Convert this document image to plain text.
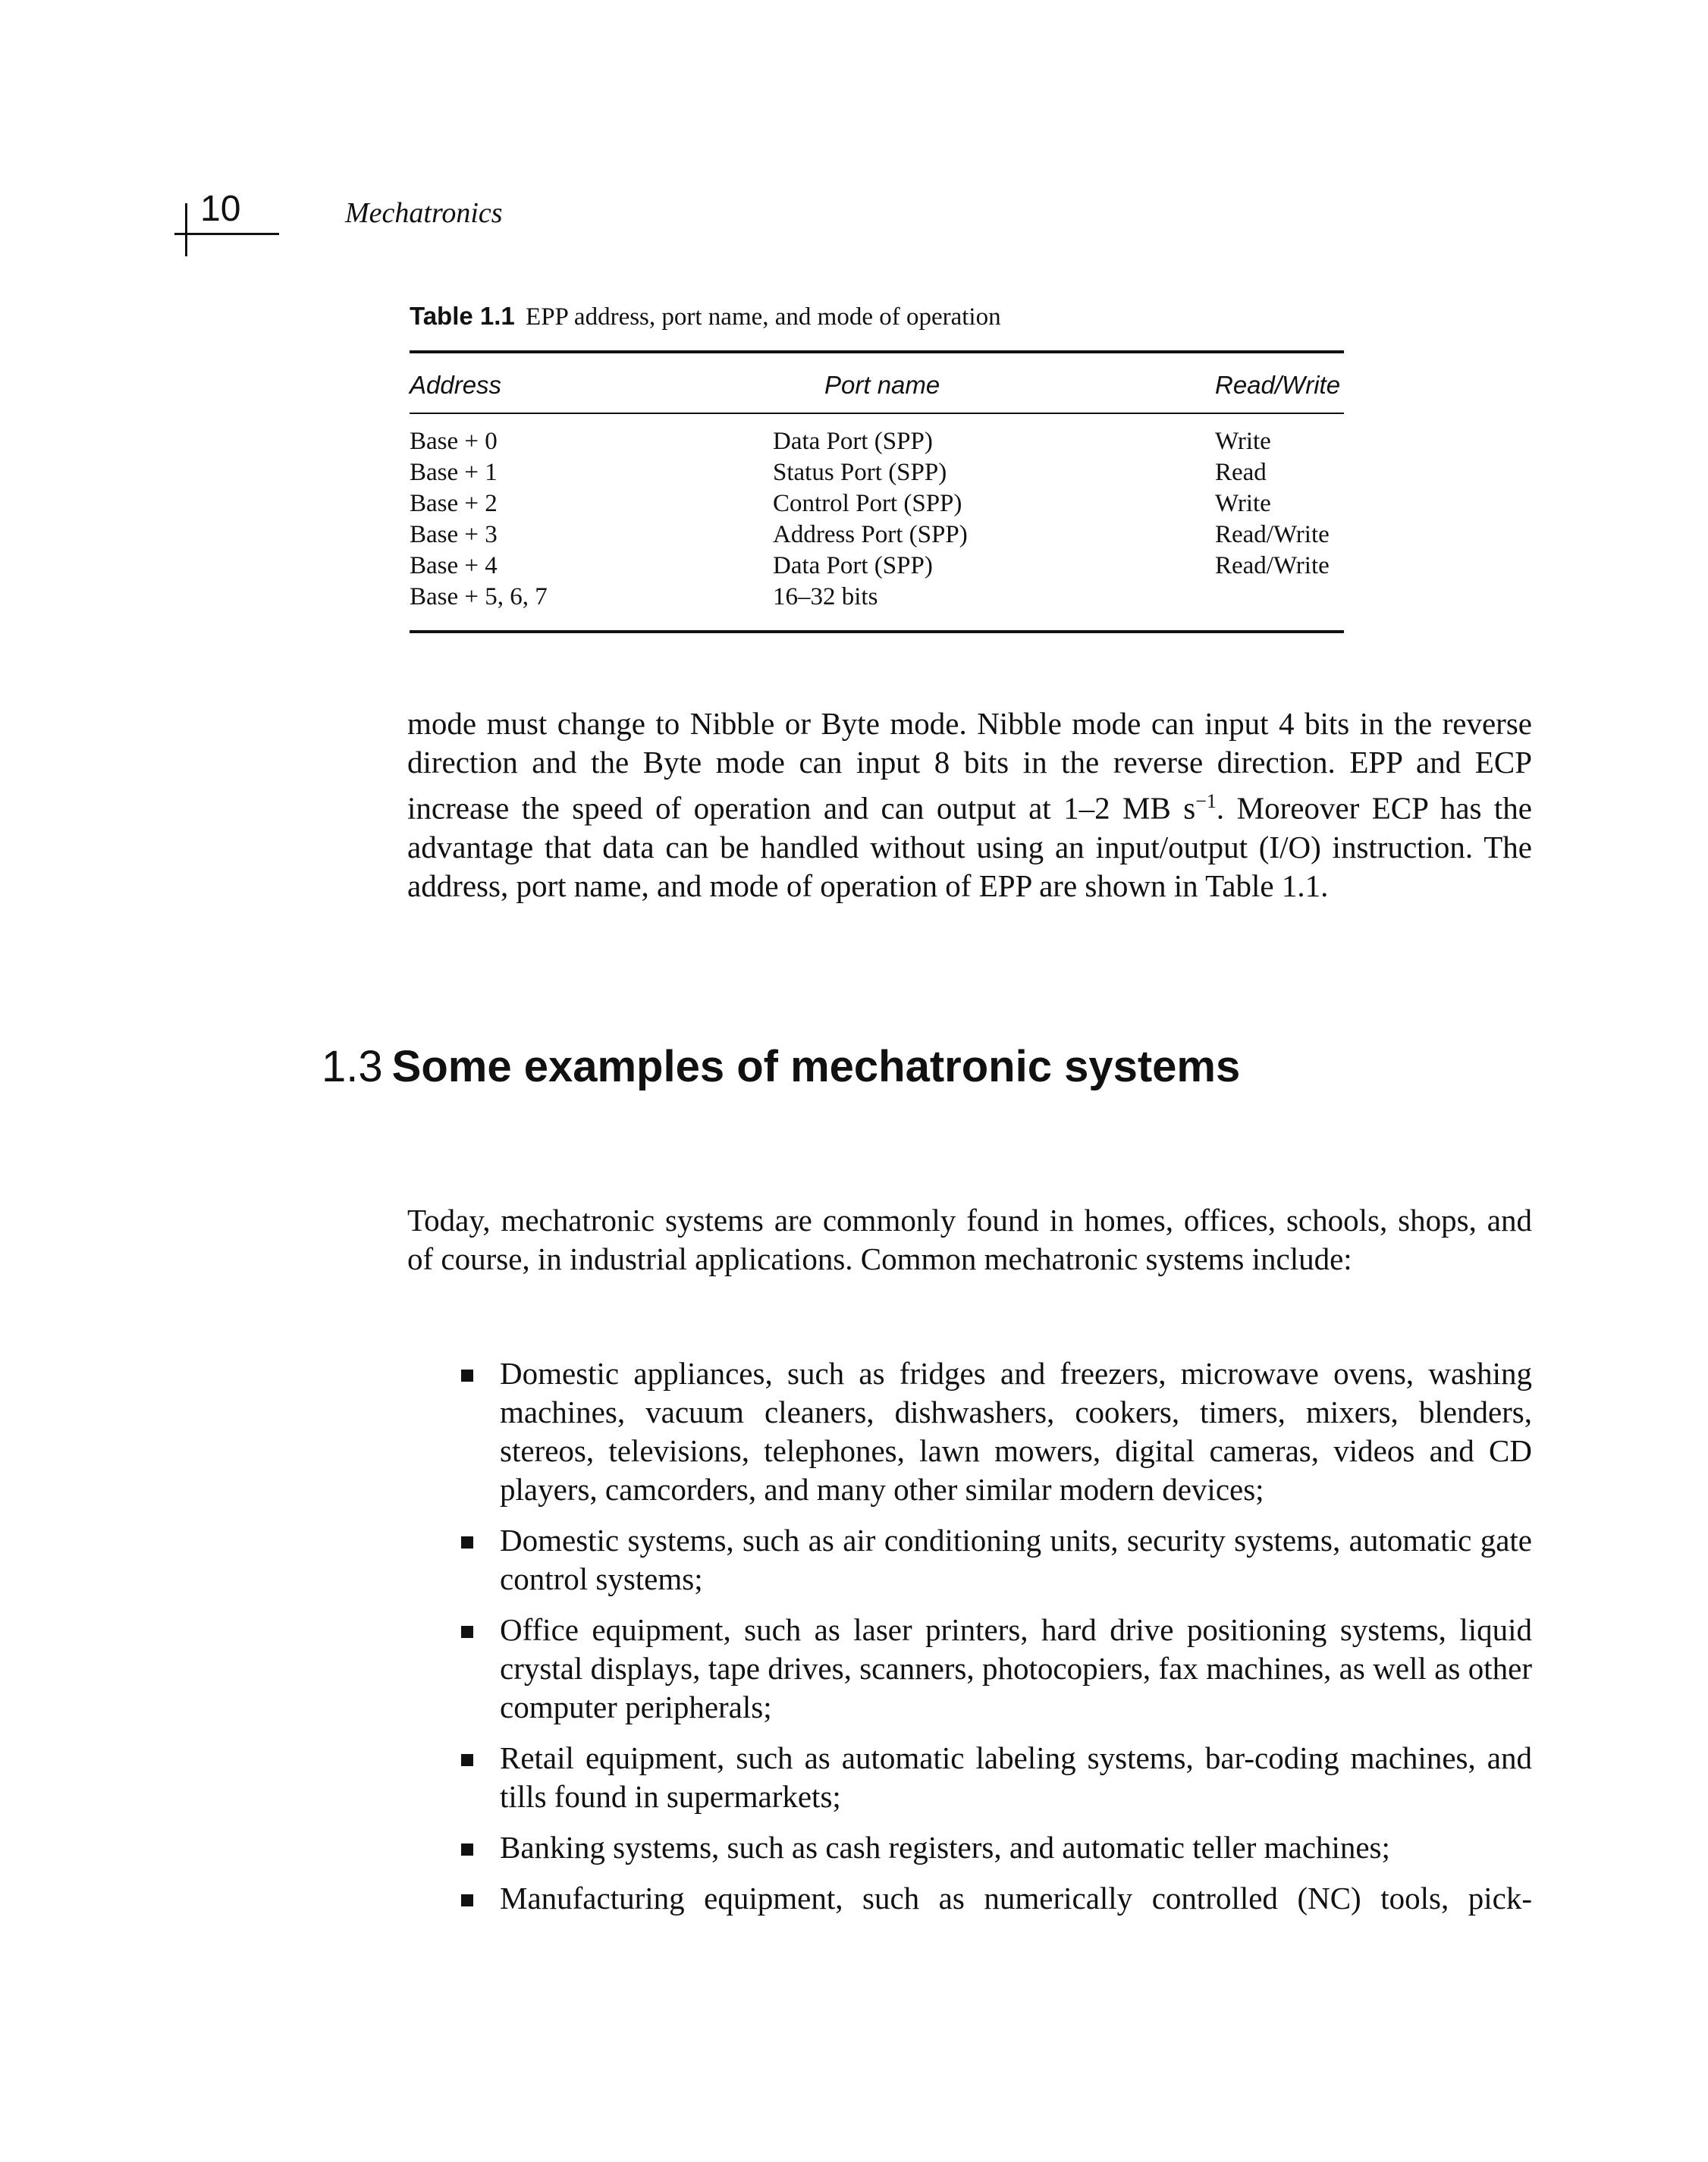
10	Mechatronics
Table 1.1 EPP address, port name, and mode of operation
Address	Port name	Read/Write
Base + 0	Data Port (SPP)	Write
Base + 1	Status Port (SPP)	Read
Base + 2	Control Port (SPP)	Write
Base + 3	Address Port (SPP)	Read/Write
Base + 4	Data Port (SPP)	Read/Write
Base + 5, 6, 7	16–32 bits

mode must change to Nibble or Byte mode. Nibble mode can input 4 bits in the reverse direction and the Byte mode can input 8 bits in the reverse direction. EPP and ECP increase the speed of operation and can output at 1–2 MB $s^{-1}$. Moreover ECP has the advantage that data can be handled without using an input/output (I/O) instruction. The address, port name, and mode of operation of EPP are shown in Table 1.1.

1.3 Some examples of mechatronic systems

Today, mechatronic systems are commonly found in homes, offices, schools, shops, and of course, in industrial applications. Common mechatronic systems include:

Domestic appliances, such as fridges and freezers, microwave ovens, washing machines, vacuum cleaners, dishwashers, cookers, timers, mixers, blenders, stereos, televisions, telephones, lawn mowers, digital cameras, videos and CD players, camcorders, and many other similar modern devices;
Domestic systems, such as air conditioning units, security systems, automatic gate control systems;
Office equipment, such as laser printers, hard drive positioning systems, liquid crystal displays, tape drives, scanners, photocopiers, fax machines, as well as other computer peripherals;
Retail equipment, such as automatic labeling systems, bar-coding machines, and tills found in supermarkets;
Banking systems, such as cash registers, and automatic teller machines;
Manufacturing equipment, such as numerically controlled (NC) tools, pick-
